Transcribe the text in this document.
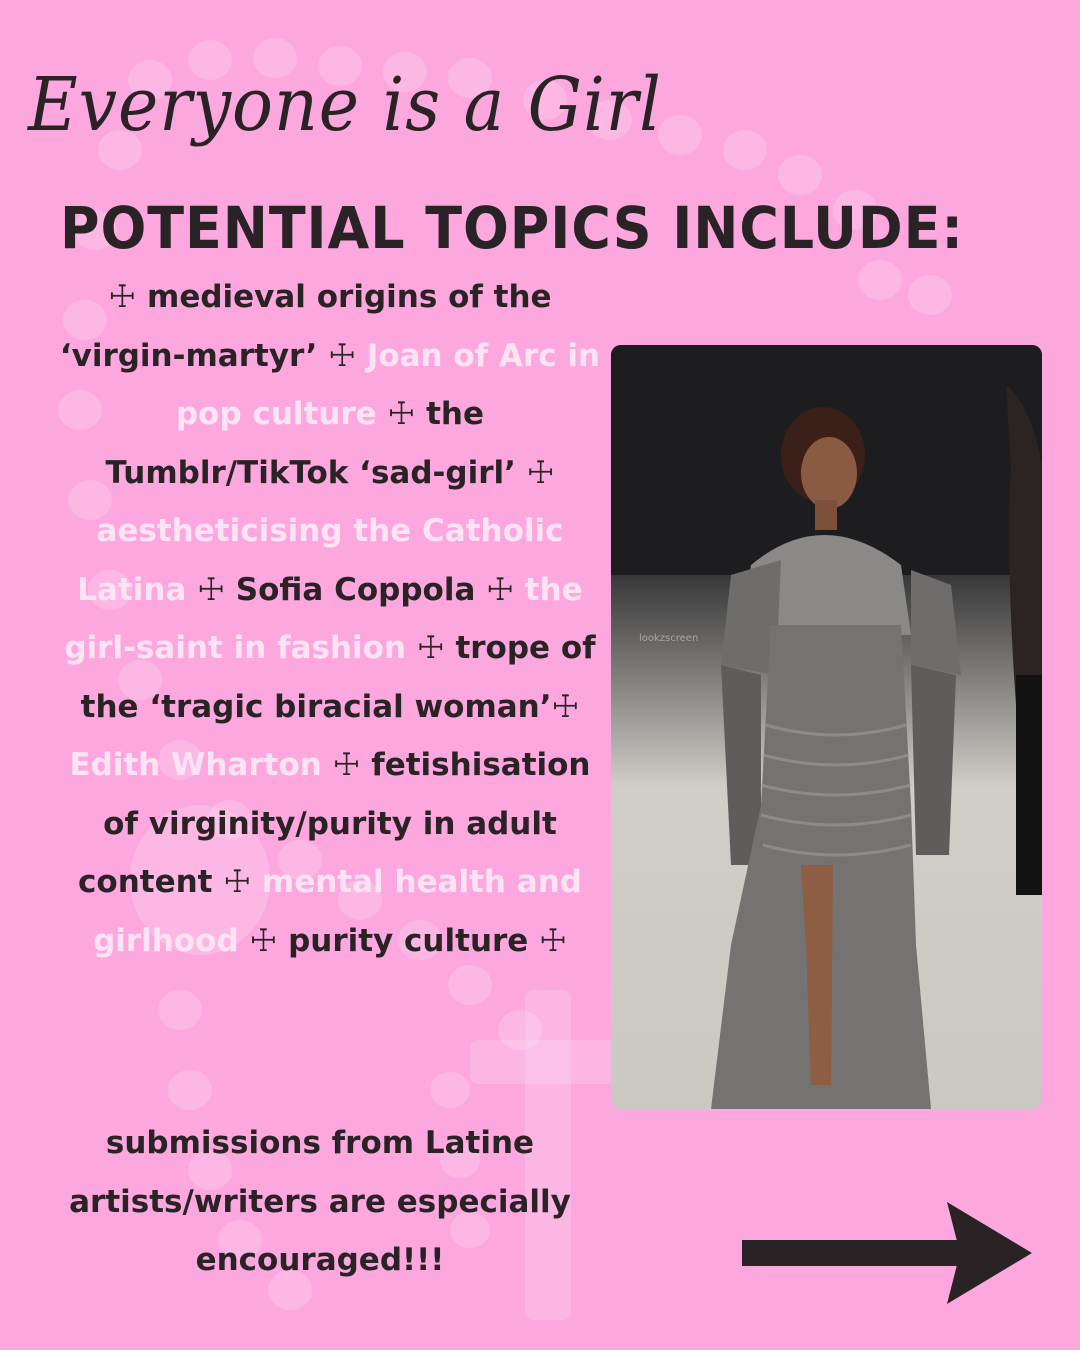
Everyone is a Girl
POTENTIAL TOPICS INCLUDE:
☩ medieval origins of the ‘virgin-martyr’ ☩ Joan of Arc in pop culture ☩ the Tumblr/TikTok ‘sad-girl’ ☩ aestheticising the Catholic Latina ☩ Sofia Coppola ☩ the girl-saint in fashion ☩ trope of the ‘tragic biracial woman’☩ Edith Wharton ☩ fetishisation of virginity/purity in adult content ☩ mental health and girlhood ☩ purity culture ☩
lookzscreen
submissions from Latine artists/writers are especially encouraged!!!
